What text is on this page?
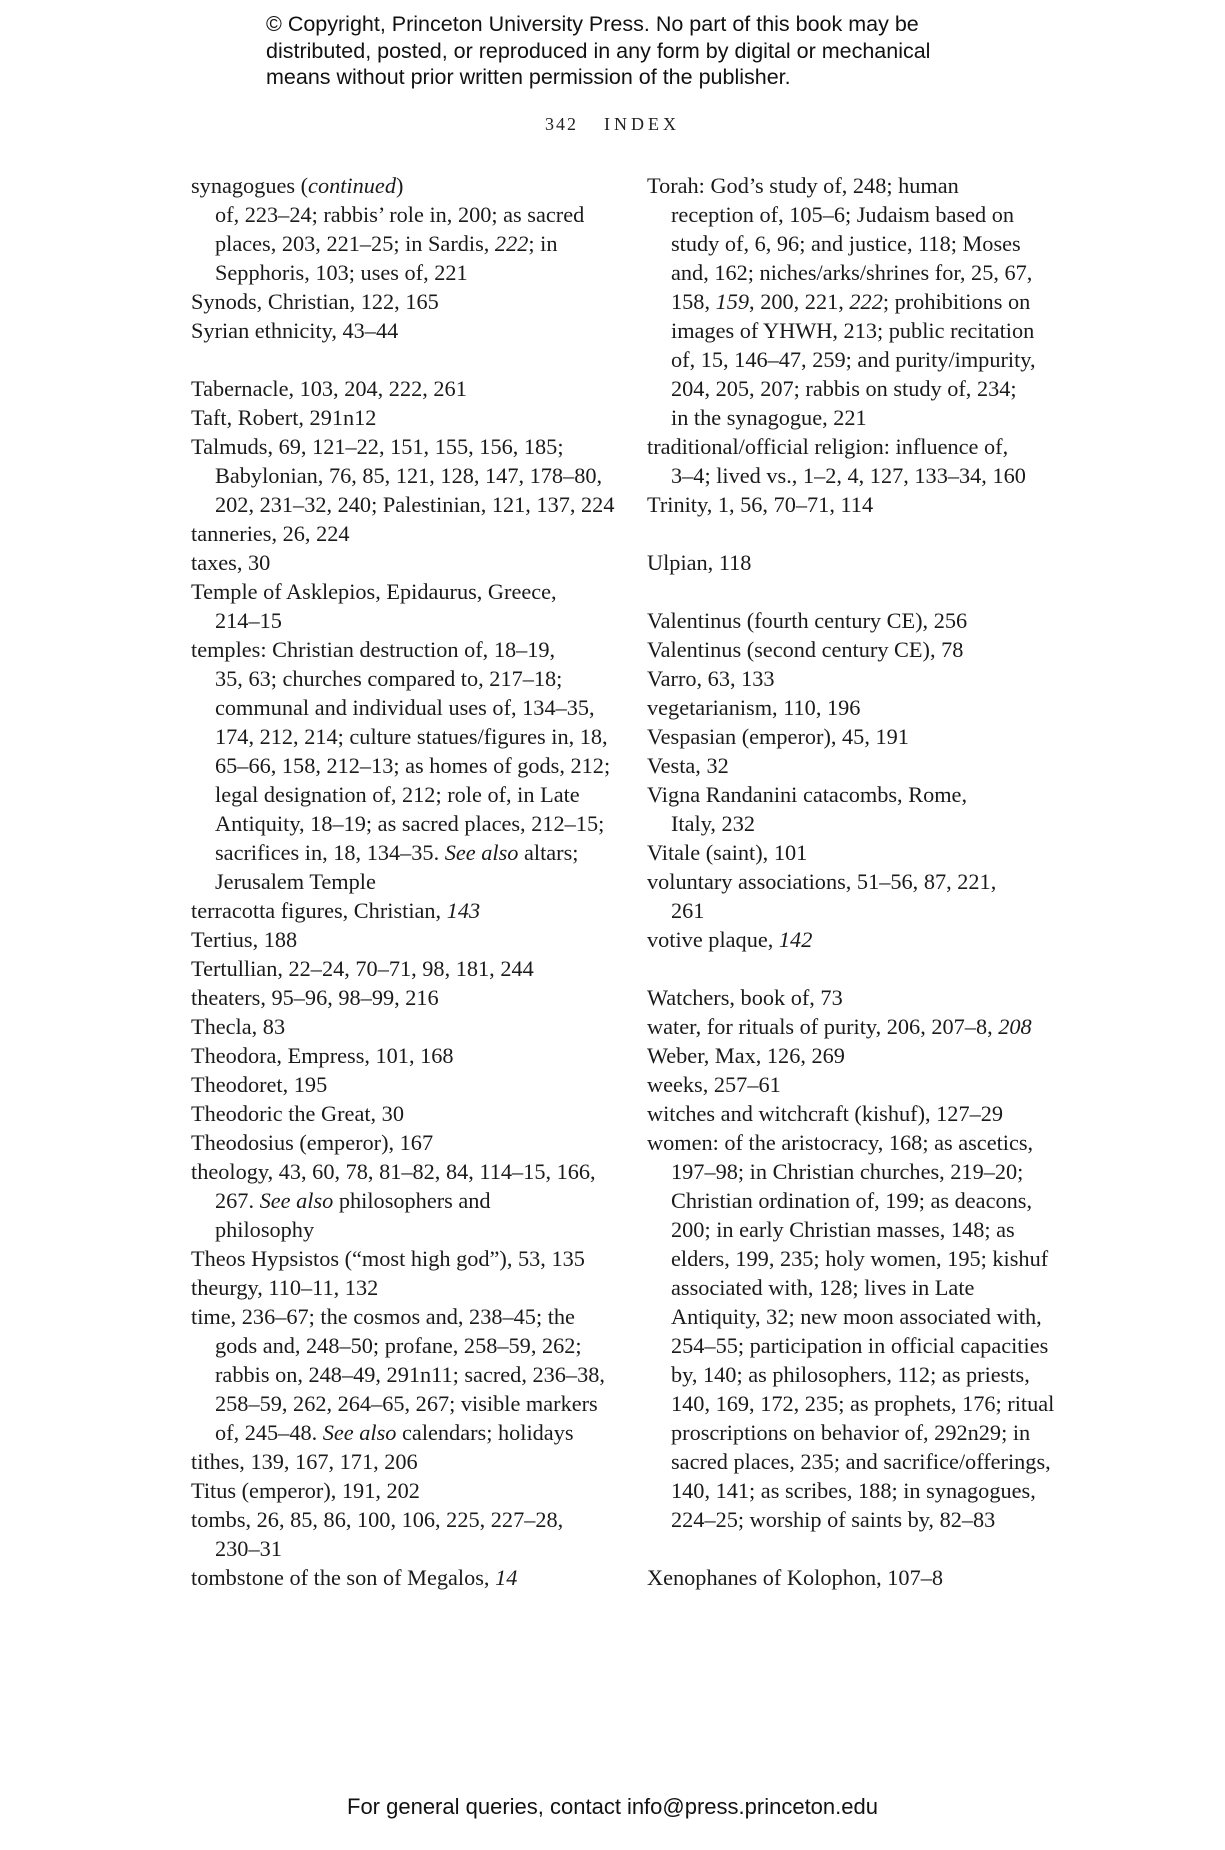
© Copyright, Princeton University Press. No part of this book may be
distributed, posted, or reproduced in any form by digital or mechanical
means without prior written permission of the publisher.
342 INDEX
synagogues (continued)
of, 223–24; rabbis’ role in, 200; as sacred
places, 203, 221–25; in Sardis, 222; in
Sepphoris, 103; uses of, 221
Synods, Christian, 122, 165
Syrian ethnicity, 43–44
Tabernacle, 103, 204, 222, 261
Taft, Robert, 291n12
Talmuds, 69, 121–22, 151, 155, 156, 185;
Babylonian, 76, 85, 121, 128, 147, 178–80,
202, 231–32, 240; Palestinian, 121, 137, 224
tanneries, 26, 224
taxes, 30
Temple of Asklepios, Epidaurus, Greece,
214–15
temples: Christian destruction of, 18–19,
35, 63; churches compared to, 217–18;
communal and individual uses of, 134–35,
174, 212, 214; culture statues/figures in, 18,
65–66, 158, 212–13; as homes of gods, 212;
legal designation of, 212; role of, in Late
Antiquity, 18–19; as sacred places, 212–15;
sacrifices in, 18, 134–35. See also altars;
Jerusalem Temple
terracotta figures, Christian, 143
Tertius, 188
Tertullian, 22–24, 70–71, 98, 181, 244
theaters, 95–96, 98–99, 216
Thecla, 83
Theodora, Empress, 101, 168
Theodoret, 195
Theodoric the Great, 30
Theodosius (emperor), 167
theology, 43, 60, 78, 81–82, 84, 114–15, 166,
267. See also philosophers and
philosophy
Theos Hypsistos (“most high god”), 53, 135
theurgy, 110–11, 132
time, 236–67; the cosmos and, 238–45; the
gods and, 248–50; profane, 258–59, 262;
rabbis on, 248–49, 291n11; sacred, 236–38,
258–59, 262, 264–65, 267; visible markers
of, 245–48. See also calendars; holidays
tithes, 139, 167, 171, 206
Titus (emperor), 191, 202
tombs, 26, 85, 86, 100, 106, 225, 227–28,
230–31
tombstone of the son of Megalos, 14
Torah: God’s study of, 248; human
reception of, 105–6; Judaism based on
study of, 6, 96; and justice, 118; Moses
and, 162; niches/arks/shrines for, 25, 67,
158, 159, 200, 221, 222; prohibitions on
images of YHWH, 213; public recitation
of, 15, 146–47, 259; and purity/impurity,
204, 205, 207; rabbis on study of, 234;
in the synagogue, 221
traditional/official religion: influence of,
3–4; lived vs., 1–2, 4, 127, 133–34, 160
Trinity, 1, 56, 70–71, 114
Ulpian, 118
Valentinus (fourth century CE), 256
Valentinus (second century CE), 78
Varro, 63, 133
vegetarianism, 110, 196
Vespasian (emperor), 45, 191
Vesta, 32
Vigna Randanini catacombs, Rome,
Italy, 232
Vitale (saint), 101
voluntary associations, 51–56, 87, 221,
261
votive plaque, 142
Watchers, book of, 73
water, for rituals of purity, 206, 207–8, 208
Weber, Max, 126, 269
weeks, 257–61
witches and witchcraft (kishuf), 127–29
women: of the aristocracy, 168; as ascetics,
197–98; in Christian churches, 219–20;
Christian ordination of, 199; as deacons,
200; in early Christian masses, 148; as
elders, 199, 235; holy women, 195; kishuf
associated with, 128; lives in Late
Antiquity, 32; new moon associated with,
254–55; participation in official capacities
by, 140; as philosophers, 112; as priests,
140, 169, 172, 235; as prophets, 176; ritual
proscriptions on behavior of, 292n29; in
sacred places, 235; and sacrifice/offerings,
140, 141; as scribes, 188; in synagogues,
224–25; worship of saints by, 82–83
Xenophanes of Kolophon, 107–8
For general queries, contact info@press.princeton.edu
